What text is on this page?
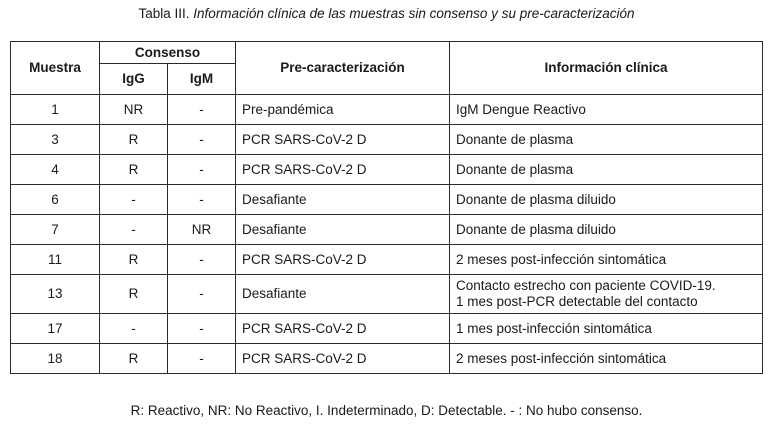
Tabla III. Información clínica de las muestras sin consenso y su pre-caracterización
Muestra	Consenso		Pre-caracterización	Información clínica
	IgG	IgM		
1	NR	-	Pre-pandémica	IgM Dengue Reactivo
3	R	-	PCR SARS-CoV-2 D	Donante de plasma
4	R	-	PCR SARS-CoV-2 D	Donante de plasma
6	-	-	Desafiante	Donante de plasma diluido
7	-	NR	Desafiante	Donante de plasma diluido
11	R	-	PCR SARS-CoV-2 D	2 meses post-infección sintomática
13	R	-	Desafiante	Contacto estrecho con paciente COVID-19.
1 mes post-PCR detectable del contacto

17	-	-	PCR SARS-CoV-2 D	1 mes post-infección sintomática
18	R	-	PCR SARS-CoV-2 D	2 meses post-infección sintomática
R: Reactivo, NR: No Reactivo, I. Indeterminado, D: Detectable. - : No hubo consenso.
